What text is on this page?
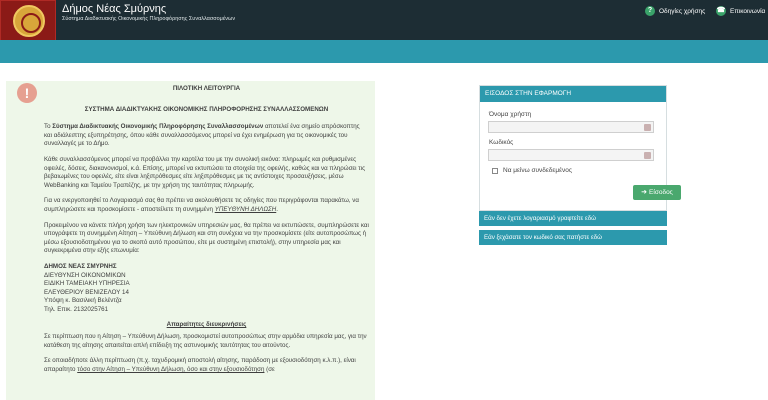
Δήμος Νέας Σμύρνης
Σύστημα Διαδικτυακής Οικονομικής Πληροφόρησης Συναλλασσομένων
?	Οδηγίες χρήσης ☎ Επικοινωνία
!	ΠΙΛΟΤΙΚΗ ΛΕΙΤΟΥΡΓΙΑ
ΣΥΣΤΗΜΑ ΔΙΑΔΙΚΤΥΑΚΗΣ ΟΙΚΟΝΟΜΙΚΗΣ ΠΛΗΡΟΦΟΡΗΣΗΣ ΣΥΝΑΛΛΑΣΣΟΜΕΝΩΝ

Το Σύστημα Διαδικτυακής Οικονομικής Πληροφόρησης Συναλλασσομένων αποτελεί ένα σημείο απρόσκοπτης και αδιάλειπτης εξυπηρέτησης, όπου κάθε συναλλασσόμενος μπορεί να έχει ενημέρωση για τις οικονομικές του συναλλαγές με το Δήμο.

Κάθε συναλλασσόμενος μπορεί να προβάλλει την καρτέλα του με την συνολική εικόνα: πληρωμές και ρυθμισμένες οφειλές, δόσεις, διακανονισμοί, κ.ά. Επίσης, μπορεί να εκτυπώσει τα στοιχεία της οφειλής, καθώς και να πληρώσει τις βεβαιωμένες του οφειλές, είτε είναι ληξιπρόθεσμες είτε ληξιπρόθεσμες με τις αντίστοιχες προσαυξήσεις, μέσω WebBanking και Ταμείου Τραπέζης, με την χρήση της ταυτότητας πληρωμής.

Για να ενεργοποιηθεί το Λογαριασμό σας θα πρέπει να ακολουθήσετε τις οδηγίες που περιγράφονται παρακάτω, να συμπληρώσετε και προσκομίσετε - αποστείλετε τη συνημμένη ΥΠΕΥΘΥΝΗ ΔΗΛΩΣΗ.

Προκειμένου να κάνετε πλήρη χρήση των ηλεκτρονικών υπηρεσιών μας, θα πρέπει να εκτυπώσετε, συμπληρώσετε και υπογράψετε τη συνημμένη Αίτηση – Υπεύθυνη Δήλωση και στη συνέχεια να την προσκομίσετε (είτε αυτοπροσώπως ή μέσω εξουσιοδοτημένου για το σκοπό αυτό προσώπου, είτε με συστημένη επιστολή), στην υπηρεσία μας και συγκεκριμένα στην εξής επωνυμία:

ΔΗΜΟΣ ΝΕΑΣ ΣΜΥΡΝΗΣ
ΔΙΕΥΘΥΝΣΗ ΟΙΚΟΝΟΜΙΚΩΝ
ΕΙΔΙΚΗ ΤΑΜΕΙΑΚΗ ΥΠΗΡΕΣΙΑ
ΕΛΕΥΘΕΡΙΟΥ ΒΕΝΙΖΕΛΟΥ 14
Υπόψη κ. Βασιλική Βελέντζα
Τηλ. Επικ. 2132025761
Απαραίτητες διευκρινήσεις

Σε περίπτωση που η Αίτηση – Υπεύθυνη Δήλωση, προσκομιστεί αυτοπροσώπως στην αρμόδια υπηρεσία μας, για την κατάθεση της αίτησης απαιτείται απλή επίδειξη της αστυνομικής ταυτότητας του αιτούντος.

Σε οποιαδήποτε άλλη περίπτωση (π.χ. ταχυδρομική αποστολή αίτησης, παράδοση με εξουσιοδότηση κ.λ.π.), είναι απαραίτητο τόσο στην Αίτηση – Υπεύθυνη Δήλωση, όσο και στην εξουσιοδότηση (σε

ΕΙΣΟΔΟΣ ΣΤΗΝ ΕΦΑΡΜΟΓΗ
Όνομα χρήστη
Κωδικός
Να μείνω συνδεδεμένος
➜ Είσοδος
Εάν δεν έχετε λογαριασμό γραφτείτε εδώ
Εάν ξεχάσατε τον κωδικό σας πατήστε εδώ
